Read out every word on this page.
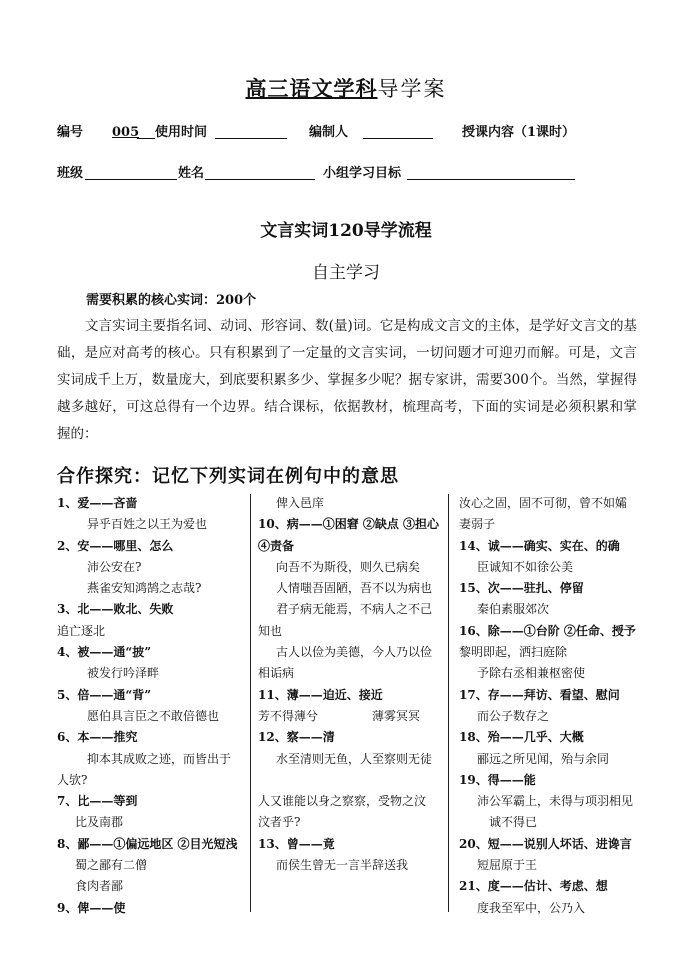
高三语文学科导学案
编号 005 使用时间	编制人	授课内容（1课时）
班级	姓名	小组学习目标
文言实词120导学流程
自主学习
需要积累的核心实词：200个
文言实词主要指名词、动词、形容词、数(量)词。它是构成文言文的主体，是学好文言文的基础，是应对高考的核心。只有积累到了一定量的文言实词，一切问题才可迎刃而解。可是，文言实词成千上万，数量庞大，到底要积累多少、掌握多少呢？据专家讲，需要300个。当然，掌握得越多越好，可这总得有一个边界。结合课标，依据教材，梳理高考，下面的实词是必须积累和掌握的：
合作探究：记忆下列实词在例句中的意思
1、爱——吝啬
异乎百姓之以王为爱也
2、安——哪里、怎么
沛公安在?
燕雀安知鸿鹄之志哉?
3、北——败北、失败
追亡逐北
4、被——通“披”
被发行吟泽畔
5、倍——通“背”
愿伯具言臣之不敢倍德也
6、本——推究
抑本其成败之迹，而皆出于
人欤?
7、比——等到
比及南郡
8、鄙——①偏远地区 ②目光短浅
蜀之鄙有二僧
食肉者鄙
9、俾——使
俾入邑庠
10、病——①困窘 ②缺点 ③担心
④责备
向吾不为斯役，则久已病矣
人情嗤吾固陋，吾不以为病也
君子病无能焉，不病人之不己
知也
古人以俭为美德，今人乃以俭
相诟病
11、薄——迫近、接近
芳不得薄兮	薄雾冥冥
12、察——清
水至清则无鱼，人至察则无徒
人又谁能以身之察察，受物之汶
汶者乎?
13、曾——竟
而侯生曾无一言半辞送我
汝心之固，固不可彻，曾不如孀
妻弱子
14、诚——确实、实在、的确
臣诚知不如徐公美
15、次——驻扎、停留
秦伯素服郊次
16、除——①台阶 ②任命、授予
黎明即起，洒扫庭除
予除右丞相兼枢密使
17、存——拜访、看望、慰问
而公子数存之
18、殆——几乎、大概
郦远之所见闻，殆与余同
19、得——能
沛公军霸上，未得与项羽相见
诚不得已
20、短——说别人坏话、进谗言
短屈原于王
21、度——估计、考虑、想
度我至军中，公乃入
